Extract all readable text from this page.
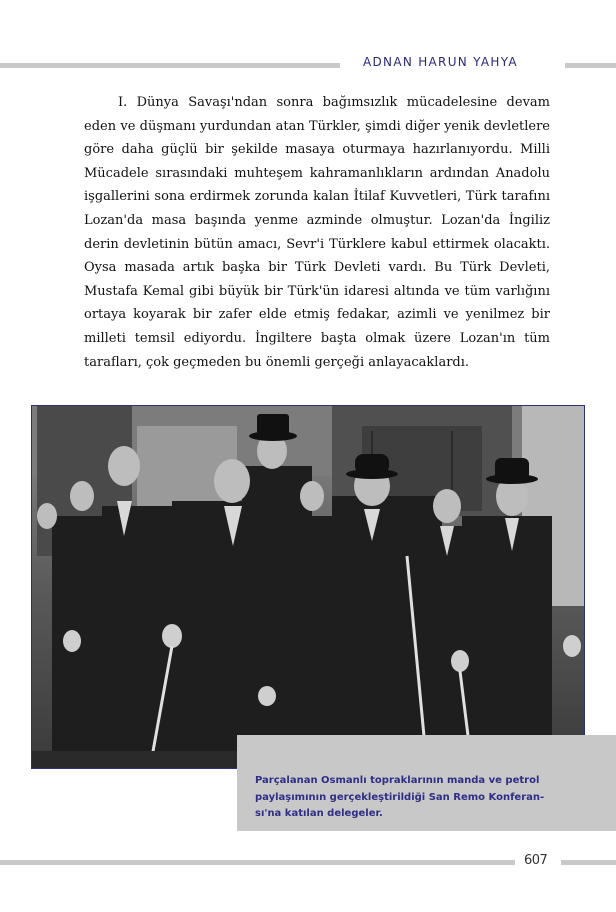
ADNAN HARUN YAHYA

I. Dünya Savaşı'ndan sonra bağımsızlık mücadelesine devam eden ve düşmanı yurdundan atan Türkler, şimdi diğer yenik devletlere göre daha güçlü bir şekilde masaya oturmaya hazırlanıyordu. Milli Mücadele sırasındaki muhteşem kahramanlıkların ardından Anadolu işgallerini sona erdirmek zorunda kalan İtilaf Kuvvetleri, Türk tarafını Lozan'da masa başında yenme azminde olmuştur. Lozan'da İngiliz derin devletinin bütün amacı, Sevr'i Türklere kabul ettirmek olacaktı. Oysa masada artık başka bir Türk Devleti vardı. Bu Türk Devleti, Mustafa Kemal gibi büyük bir Türk'ün idaresi altında ve tüm varlığını ortaya koyarak bir zafer elde etmiş fedakar, azimli ve yenilmez bir milleti temsil ediyordu. İngiltere başta olmak üzere Lozan'ın tüm tarafları, çok geçmeden bu önemli gerçeği anlayacaklardı.

Parçalanan Osmanlı topraklarının manda ve petrol paylaşımının gerçekleştirildiği San Remo Konferansı'na katılan delegeler.

607
